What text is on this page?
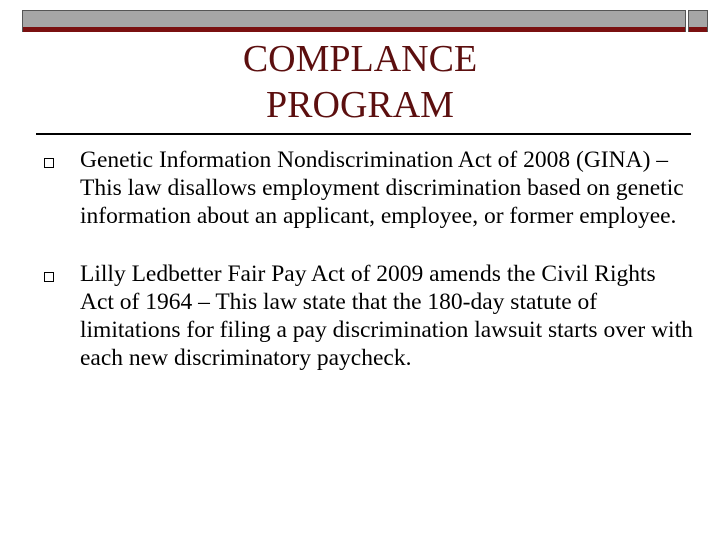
COMPLANCE
PROGRAM
Genetic Information Nondiscrimination Act of 2008 (GINA) – This law disallows employment discrimination based on genetic information about an applicant, employee, or former employee.
Lilly Ledbetter Fair Pay Act of 2009 amends the Civil Rights Act of 1964 – This law state that the 180-day statute of limitations for filing a pay discrimination lawsuit starts over with each new discriminatory paycheck.
